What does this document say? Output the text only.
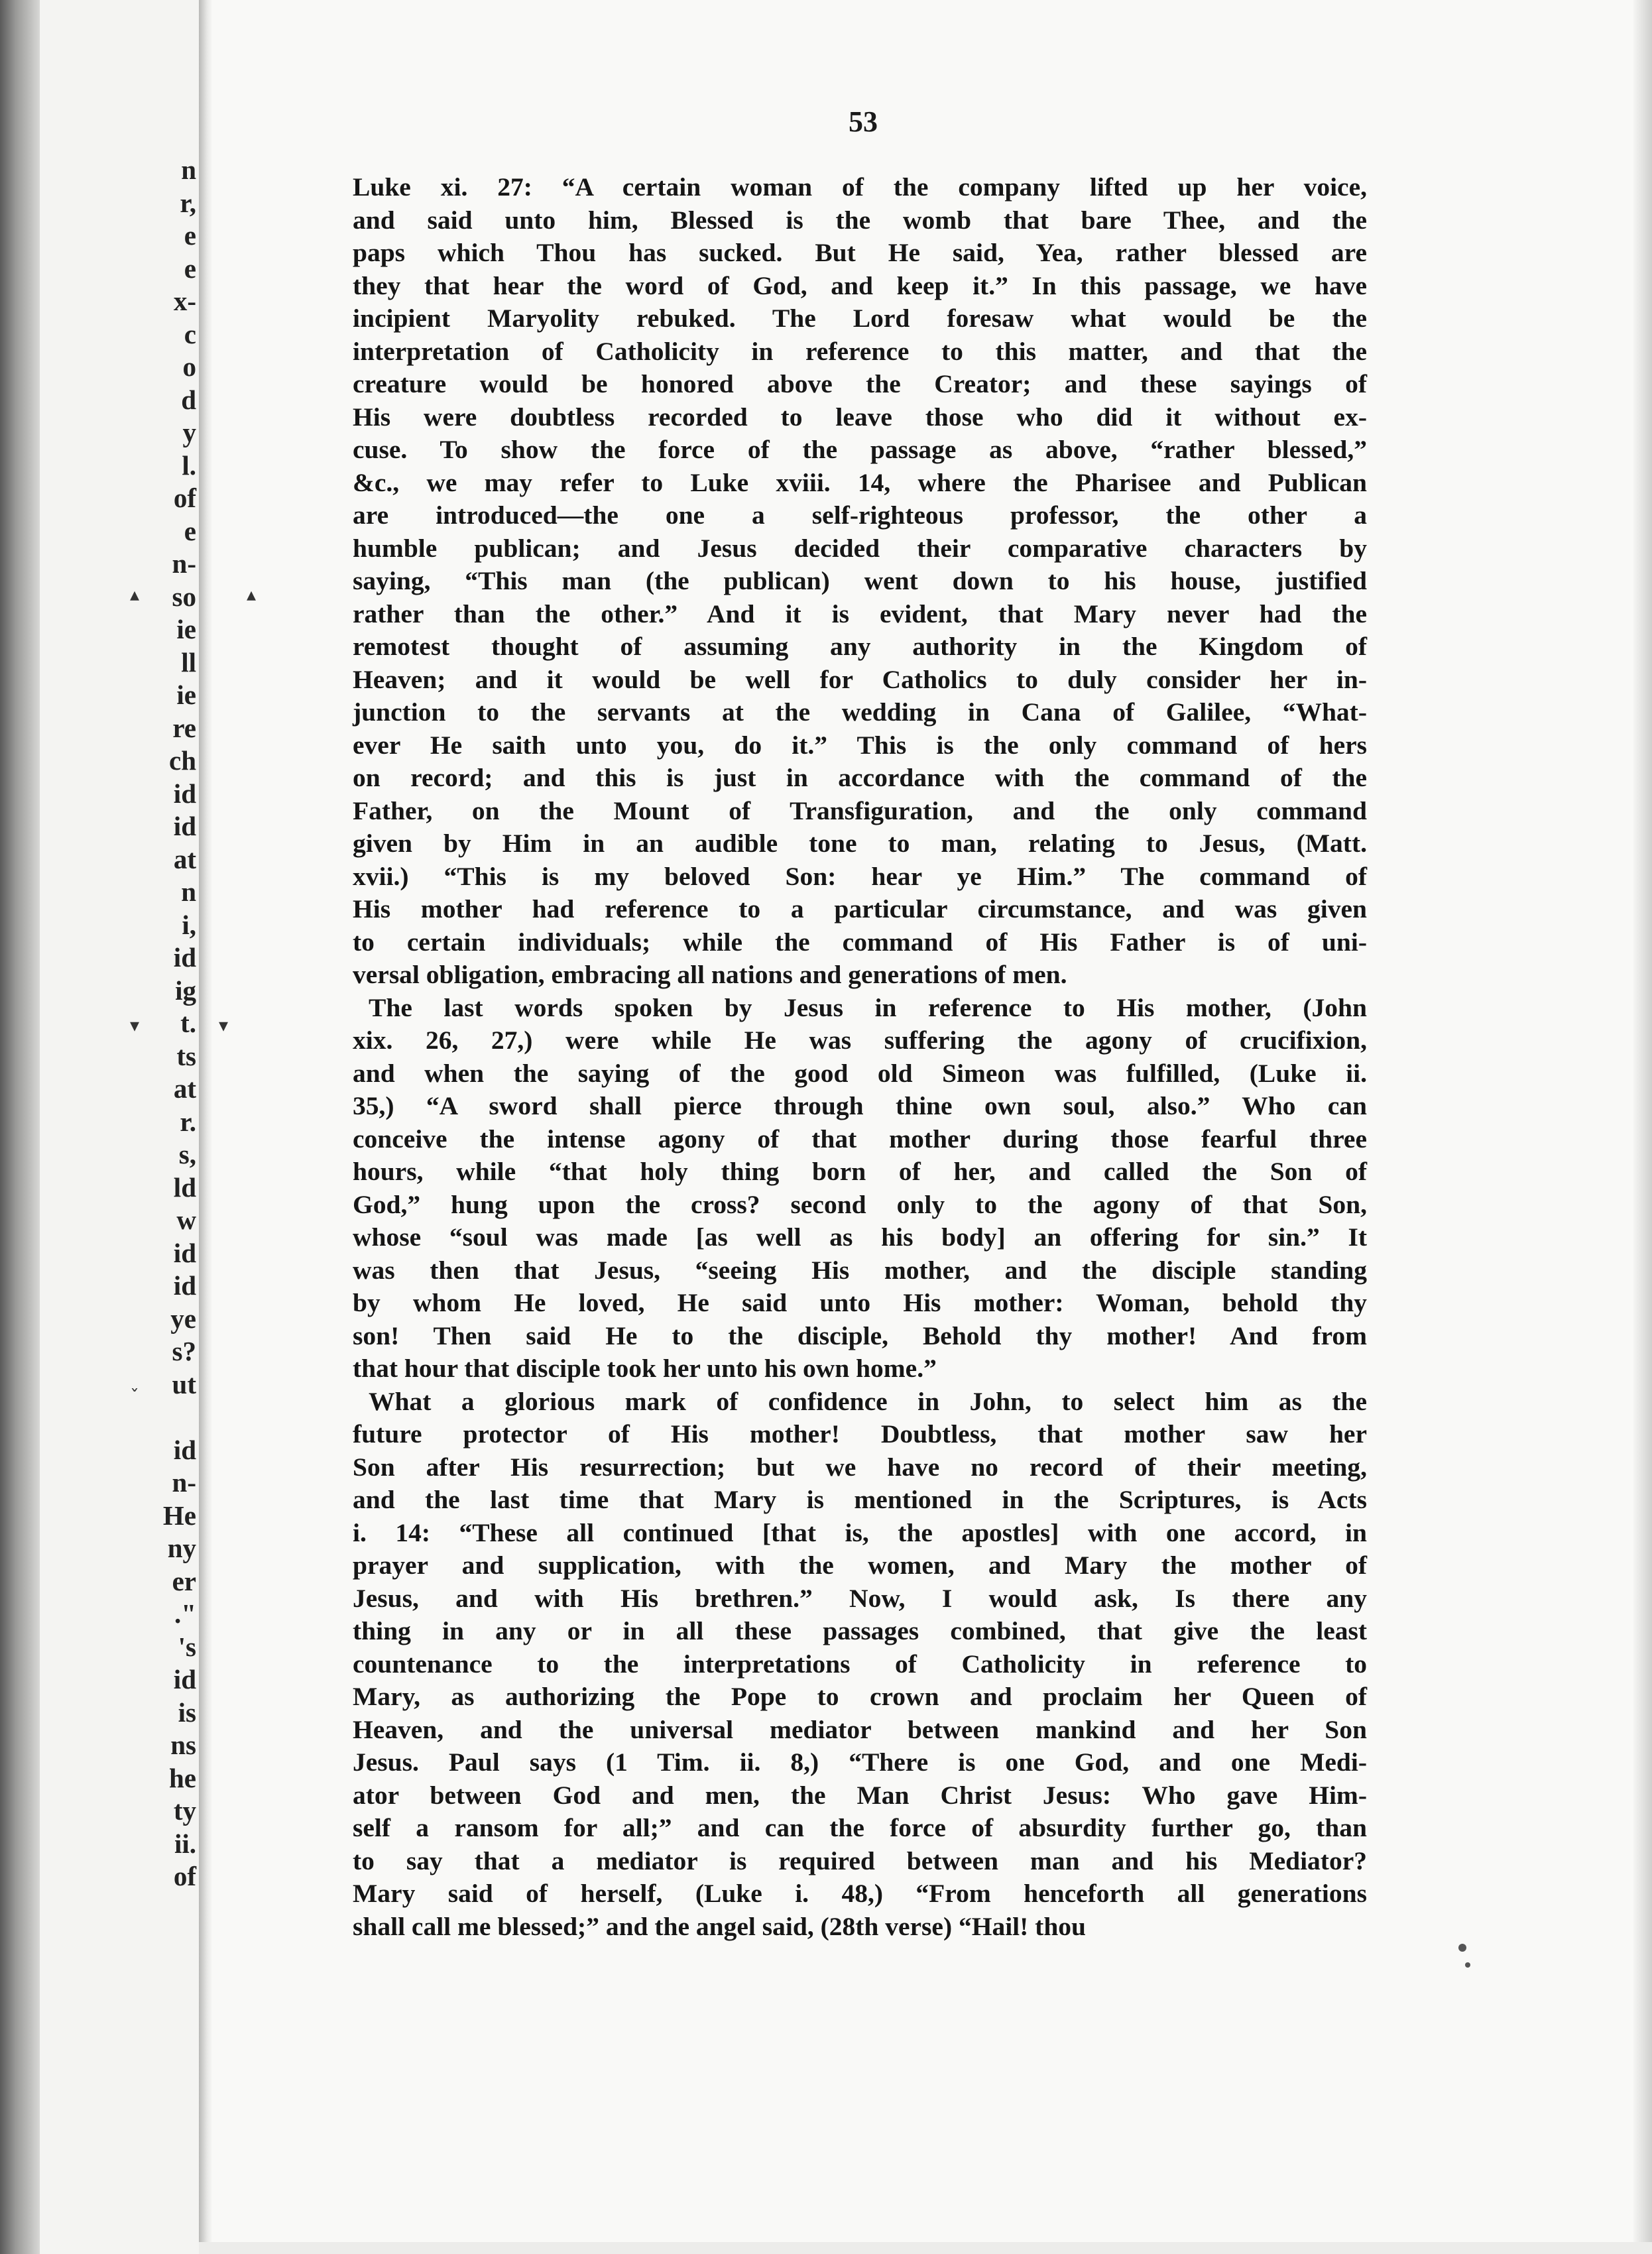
n
r,
e
e
x-
c
o
d
y
l.
of
e
n-
so
ie
ll
ie
re
ch
id
id
at
n
i,
id
ig
t.
ts
at
r.
s,
ld
w
id
id
ye
s?
ut
id
n-
He
ny
er
."
's
id
is
ns
he
ty
ii.
of
53
Luke xi. 27: “A certain woman of the company lifted up her voice,
and said unto him, Blessed is the womb that bare Thee, and the
paps which Thou has sucked. But He said, Yea, rather blessed are
they that hear the word of God, and keep it.” In this passage, we have
incipient Maryolity rebuked. The Lord foresaw what would be the
interpretation of Catholicity in reference to this matter, and that the
creature would be honored above the Creator; and these sayings of
His were doubtless recorded to leave those who did it without ex-
cuse. To show the force of the passage as above, “rather blessed,”
&c., we may refer to Luke xviii. 14, where the Pharisee and Publican
are introduced—the one a self-righteous professor, the other a
humble publican; and Jesus decided their comparative characters by
saying, “This man (the publican) went down to his house, justified
rather than the other.” And it is evident, that Mary never had the
remotest thought of assuming any authority in the Kingdom of
Heaven; and it would be well for Catholics to duly consider her in-
junction to the servants at the wedding in Cana of Galilee, “What-
ever He saith unto you, do it.” This is the only command of hers
on record; and this is just in accordance with the command of the
Father, on the Mount of Transfiguration, and the only command
given by Him in an audible tone to man, relating to Jesus, (Matt.
xvii.) “This is my beloved Son: hear ye Him.” The command of
His mother had reference to a particular circumstance, and was given
to certain individuals; while the command of His Father is of uni-
versal obligation, embracing all nations and generations of men.
The last words spoken by Jesus in reference to His mother, (John
xix. 26, 27,) were while He was suffering the agony of crucifixion,
and when the saying of the good old Simeon was fulfilled, (Luke ii.
35,) “A sword shall pierce through thine own soul, also.” Who can
conceive the intense agony of that mother during those fearful three
hours, while “that holy thing born of her, and called the Son of
God,” hung upon the cross? second only to the agony of that Son,
whose “soul was made [as well as his body] an offering for sin.” It
was then that Jesus, “seeing His mother, and the disciple standing
by whom He loved, He said unto His mother: Woman, behold thy
son! Then said He to the disciple, Behold thy mother! And from
that hour that disciple took her unto his own home.”
What a glorious mark of confidence in John, to select him as the
future protector of His mother! Doubtless, that mother saw her
Son after His resurrection; but we have no record of their meeting,
and the last time that Mary is mentioned in the Scriptures, is Acts
i. 14: “These all continued [that is, the apostles] with one accord, in
prayer and supplication, with the women, and Mary the mother of
Jesus, and with His brethren.” Now, I would ask, Is there any
thing in any or in all these passages combined, that give the least
countenance to the interpretations of Catholicity in reference to
Mary, as authorizing the Pope to crown and proclaim her Queen of
Heaven, and the universal mediator between mankind and her Son
Jesus. Paul says (1 Tim. ii. 8,) “There is one God, and one Medi-
ator between God and men, the Man Christ Jesus: Who gave Him-
self a ransom for all;” and can the force of absurdity further go, than
to say that a mediator is required between man and his Mediator?
Mary said of herself, (Luke i. 48,) “From henceforth all generations
shall call me blessed;” and the angel said, (28th verse) “Hail! thou
▴	▴
▾	▾
ˇ
